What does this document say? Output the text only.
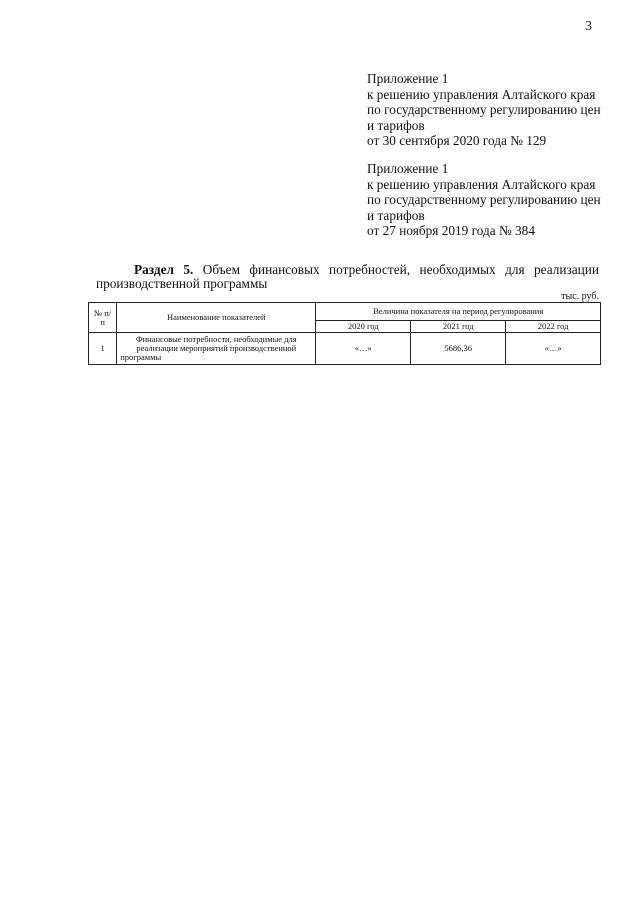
3
Приложение 1
к решению управления Алтайского края
по государственному регулированию цен
и тарифов
от 30 сентября 2020 года № 129
Приложение 1
к решению управления Алтайского края
по государственному регулированию цен
и тарифов
от 27 ноября 2019 года № 384
Раздел 5. Объем финансовых потребностей, необходимых для реализации
производственной программы
тыс. руб.
№ п/п	Наименование показателей	Величина показателя на период регулирования		
		2020 год	2021 год	2022 год
1	Финансовые потребности, необходимые для реализации мероприятий производственной программы	«…»	5686,36	«…»
